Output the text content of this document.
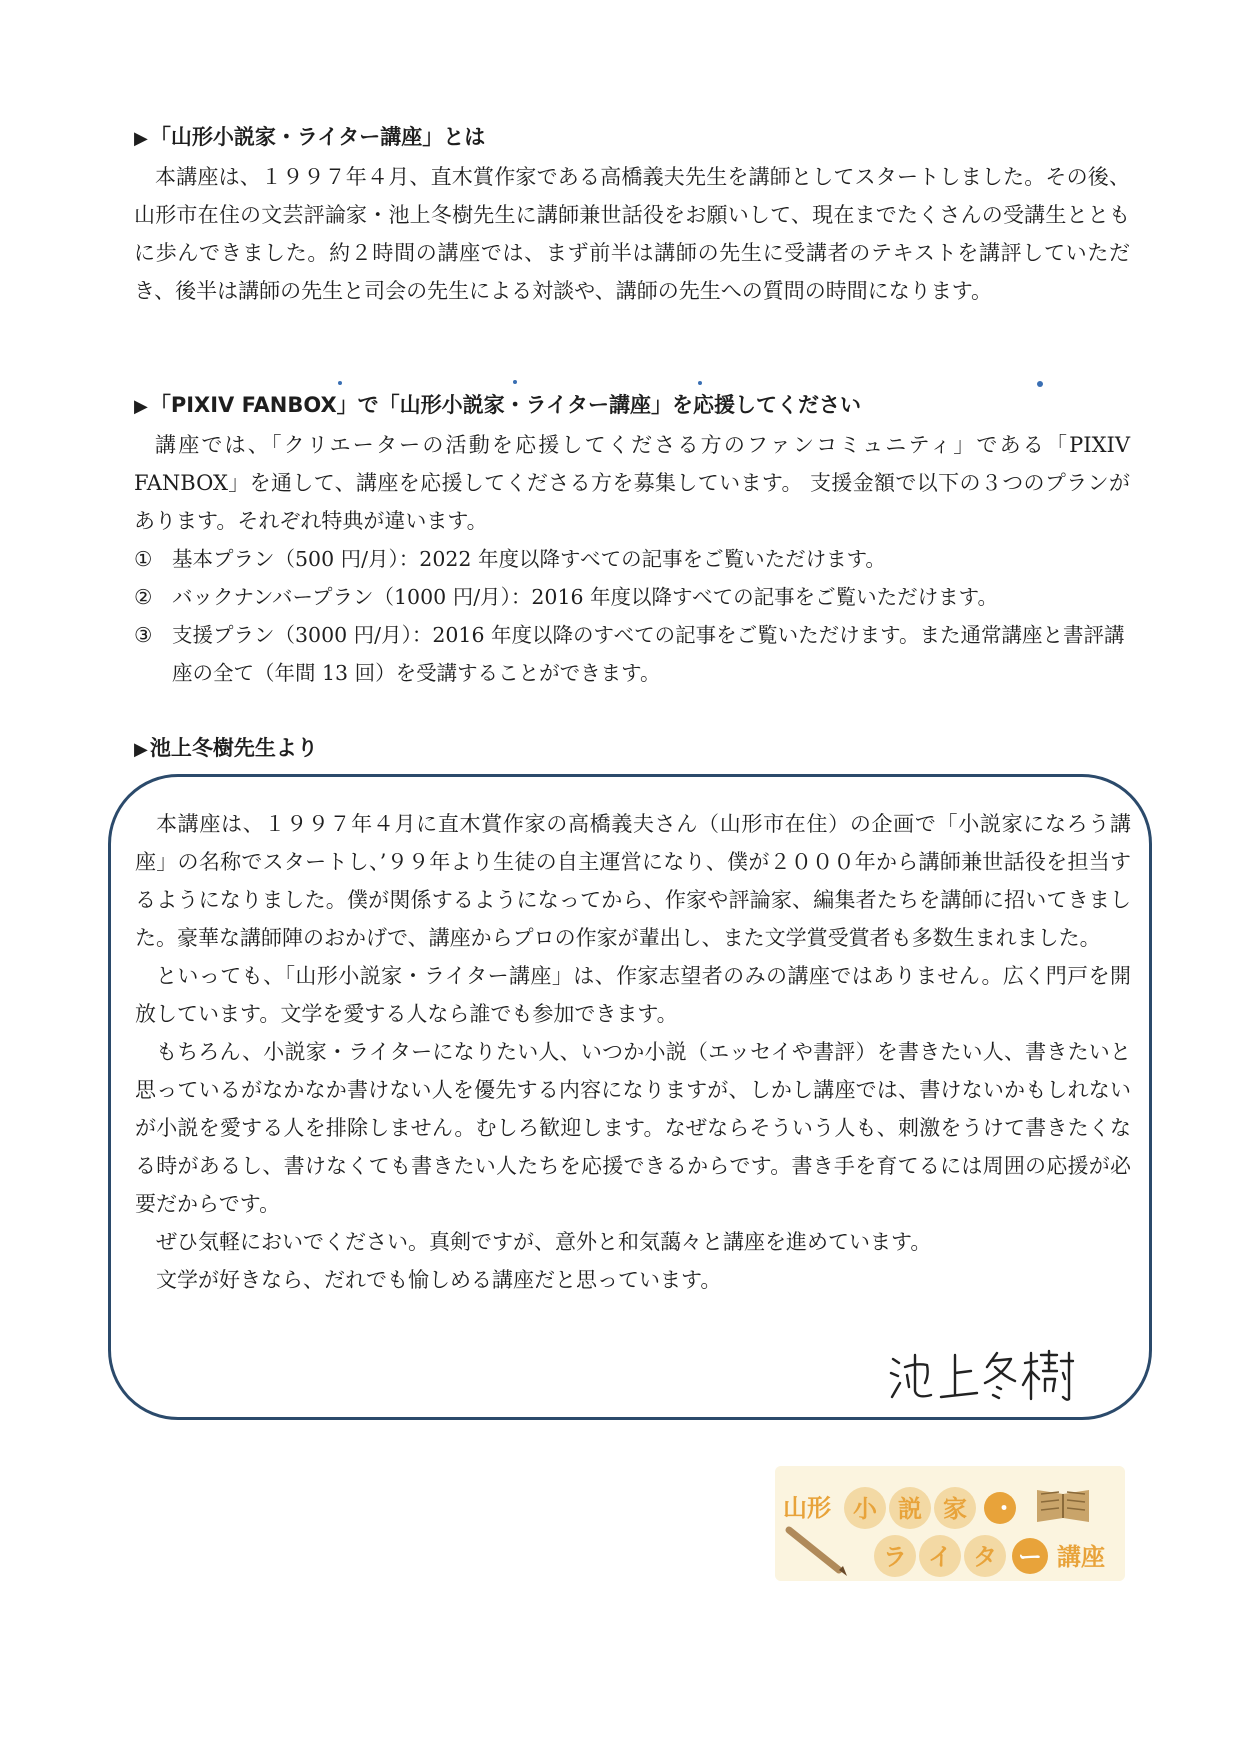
▶「山形小説家・ライター講座」とは

本講座は、１９９７年４月、直木賞作家である高橋義夫先生を講師としてスタートしました。その後、山形市在住の文芸評論家・池上冬樹先生に講師兼世話役をお願いして、現在までたくさんの受講生とともに歩んできました。約２時間の講座では、まず前半は講師の先生に受講者のテキストを講評していただき、後半は講師の先生と司会の先生による対談や、講師の先生への質問の時間になります。

▶「PIXIV FANBOX」で「山形小説家・ライター講座」を応援してください

講座では、「クリエーターの活動を応援してくださる方のファンコミュニティ」である「PIXIV FANBOX」を通して、講座を応援してくださる方を募集しています。 支援金額で以下の３つのプランがあります。それぞれ特典が違います。

① 基本プラン（500 円/月）：2022 年度以降すべての記事をご覧いただけます。
② バックナンバープラン（1000 円/月）：2016 年度以降すべての記事をご覧いただけます。
③ 支援プラン（3000 円/月）：2016 年度以降のすべての記事をご覧いただけます。また通常講座と書評講座の全て（年間 13 回）を受講することができます。

▶池上冬樹先生より

本講座は、１９９７年４月に直木賞作家の高橋義夫さん（山形市在住）の企画で「小説家になろう講座」の名称でスタートし、’９９年より生徒の自主運営になり、僕が２０００年から講師兼世話役を担当するようになりました。僕が関係するようになってから、作家や評論家、編集者たちを講師に招いてきました。豪華な講師陣のおかげで、講座からプロの作家が輩出し、また文学賞受賞者も多数生まれました。

といっても、「山形小説家・ライター講座」は、作家志望者のみの講座ではありません。広く門戸を開放しています。文学を愛する人なら誰でも参加できます。

もちろん、小説家・ライターになりたい人、いつか小説（エッセイや書評）を書きたい人、書きたいと思っているがなかなか書けない人を優先する内容になりますが、しかし講座では、書けないかもしれないが小説を愛する人を排除しません。むしろ歓迎します。なぜならそういう人も、刺激をうけて書きたくなる時があるし、書けなくても書きたい人たちを応援できるからです。書き手を育てるには周囲の応援が必要だからです。

ぜひ気軽においでください。真剣ですが、意外と和気藹々と講座を進めています。

文学が好きなら、だれでも愉しめる講座だと思っています。

山形 小 説 家 ・
ラ イ タ ー 講座
